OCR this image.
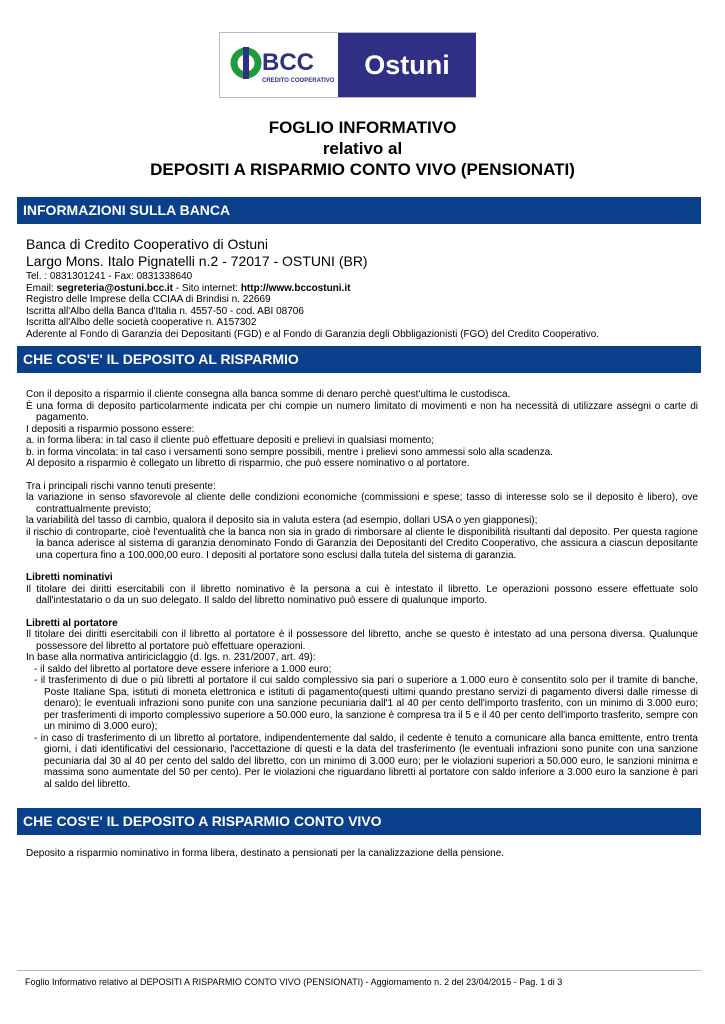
BCC
CREDITO COOPERATIVO
Ostuni
FOGLIO INFORMATIVO
relativo al
DEPOSITI A RISPARMIO CONTO VIVO (PENSIONATI)
INFORMAZIONI SULLA BANCA

Banca di Credito Cooperativo di Ostuni

Largo Mons. Italo Pignatelli n.2 - 72017 - OSTUNI (BR)

Tel. : 0831301241 - Fax: 0831338640

Email: segreteria@ostuni.bcc.it - Sito internet: http://www.bccostuni.it

Registro delle Imprese della CCIAA di Brindisi n. 22669

Iscritta all'Albo della Banca d'Italia n. 4557-50 - cod. ABI 08706

Iscritta all'Albo delle società cooperative n. A157302

Aderente al Fondo di Garanzia dei Depositanti (FGD) e al Fondo di Garanzia degli Obbligazionisti (FGO) del Credito Cooperativo.

CHE COS'E' IL DEPOSITO AL RISPARMIO

Con il deposito a risparmio il cliente consegna alla banca somme di denaro perchè quest'ultima le custodisca.

È una forma di deposito particolarmente indicata per chi compie un numero limitato di movimenti e non ha necessità di utilizzare assegni o carte di pagamento.

I depositi a risparmio possono essere:

a. in forma libera: in tal caso il cliente può effettuare depositi e prelievi in qualsiasi momento;

b. in forma vincolata: in tal caso i versamenti sono sempre possibili, mentre i prelievi sono ammessi solo alla scadenza.

Al deposito a risparmio è collegato un libretto di risparmio, che può essere nominativo o al portatore.

Tra i principali rischi vanno tenuti presente:

la variazione in senso sfavorevole al cliente delle condizioni economiche (commissioni e spese; tasso di interesse solo se il deposito è libero), ove contrattualmente previsto;

la variabilità del tasso di cambio, qualora il deposito sia in valuta estera (ad esempio, dollari USA o yen giapponesi);

il rischio di controparte, cioè l'eventualità che la banca non sia in grado di rimborsare al cliente le disponibilità risultanti dal deposito. Per questa ragione la banca aderisce al sistema di garanzia denominato Fondo di Garanzia dei Depositanti del Credito Cooperativo, che assicura a ciascun depositante una copertura fino a 100.000,00 euro. I depositi al portatore sono esclusi dalla tutela del sistema di garanzia.

Libretti nominativi

Il titolare dei diritti esercitabili con il libretto nominativo è la persona a cui è intestato il libretto. Le operazioni possono essere effettuate solo dall'intestatario o da un suo delegato. Il saldo del libretto nominativo può essere di qualunque importo.

Libretti al portatore

Il titolare dei diritti esercitabili con il libretto al portatore è il possessore del libretto, anche se questo è intestato ad una persona diversa. Qualunque possessore del libretto al portatore può effettuare operazioni.

In base alla normativa antiriciclaggio (d. lgs. n. 231/2007, art. 49):

- il saldo del libretto al portatore deve essere inferiore a 1.000 euro;

- il trasferimento di due o più libretti al portatore il cui saldo complessivo sia pari o superiore a 1.000 euro è consentito solo per il tramite di banche, Poste Italiane Spa, istituti di moneta elettronica e istituti di pagamento(questi ultimi quando prestano servizi di pagamento diversi dalle rimesse di denaro); le eventuali infrazioni sono punite con una sanzione pecuniaria dall'1 al 40 per cento dell'importo trasferito, con un minimo di 3.000 euro; per trasferimenti di importo complessivo superiore a 50.000 euro, la sanzione è compresa tra il 5 e il 40 per cento dell'importo trasferito, sempre con un minimo di 3.000 euro);

- in caso di trasferimento di un libretto al portatore, indipendentemente dal saldo, il cedente è tenuto a comunicare alla banca emittente, entro trenta giorni, i dati identificativi del cessionario, l'accettazione di questi e la data del trasferimento (le eventuali infrazioni sono punite con una sanzione pecuniaria dal 30 al 40 per cento del saldo del libretto, con un minimo di 3.000 euro; per le violazioni superiori a 50.000 euro, le sanzioni minima e massima sono aumentate del 50 per cento). Per le violazioni che riguardano libretti al portatore con saldo inferiore a 3.000 euro la sanzione è pari al saldo del libretto.

CHE COS'E' IL DEPOSITO A RISPARMIO CONTO VIVO

Deposito a risparmio nominativo in forma libera, destinato a pensionati per la canalizzazione della pensione.

Foglio Informativo relativo al DEPOSITI A RISPARMIO CONTO VIVO (PENSIONATI) - Aggiornamento n. 2 del 23/04/2015 - Pag. 1 di 3
